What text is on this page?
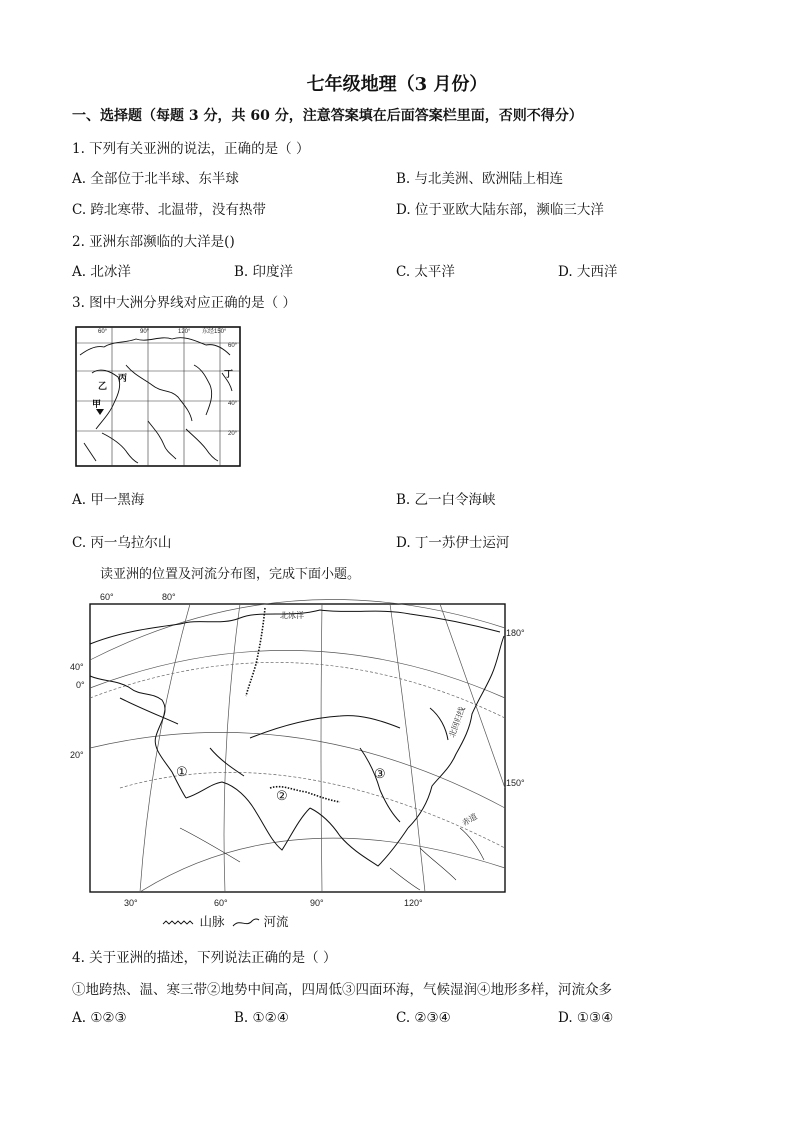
七年级地理（3 月份）
一、选择题（每题 3 分，共 60 分，注意答案填在后面答案栏里面，否则不得分）
1. 下列有关亚洲的说法，正确的是（ ）
A. 全部位于北半球、东半球	B. 与北美洲、欧洲陆上相连
C. 跨北寒带、北温带，没有热带	D. 位于亚欧大陆东部，濒临三大洋
2. 亚洲东部濒临的大洋是()
A. 北冰洋	B. 印度洋	C. 太平洋	D. 大西洋
3. 图中大洲分界线对应正确的是（ ）
60°	90°	120° 东经150°
60°
40°
20°
丙
乙
甲
丁
A. 甲一黑海	B. 乙一白令海峡
C. 丙一乌拉尔山	D. 丁一苏伊士运河
读亚洲的位置及河流分布图，完成下面小题。
60°	80°
40°
0°
20°
180°
150°
30°	60°	90°	120°
北冰洋
北回归线
赤道
①
②
③
山脉	河流
4. 关于亚洲的描述，下列说法正确的是（ ）
①地跨热、温、寒三带②地势中间高，四周低③四面环海，气候湿润④地形多样，河流众多
A. ①②③	B. ①②④	C. ②③④	D. ①③④
